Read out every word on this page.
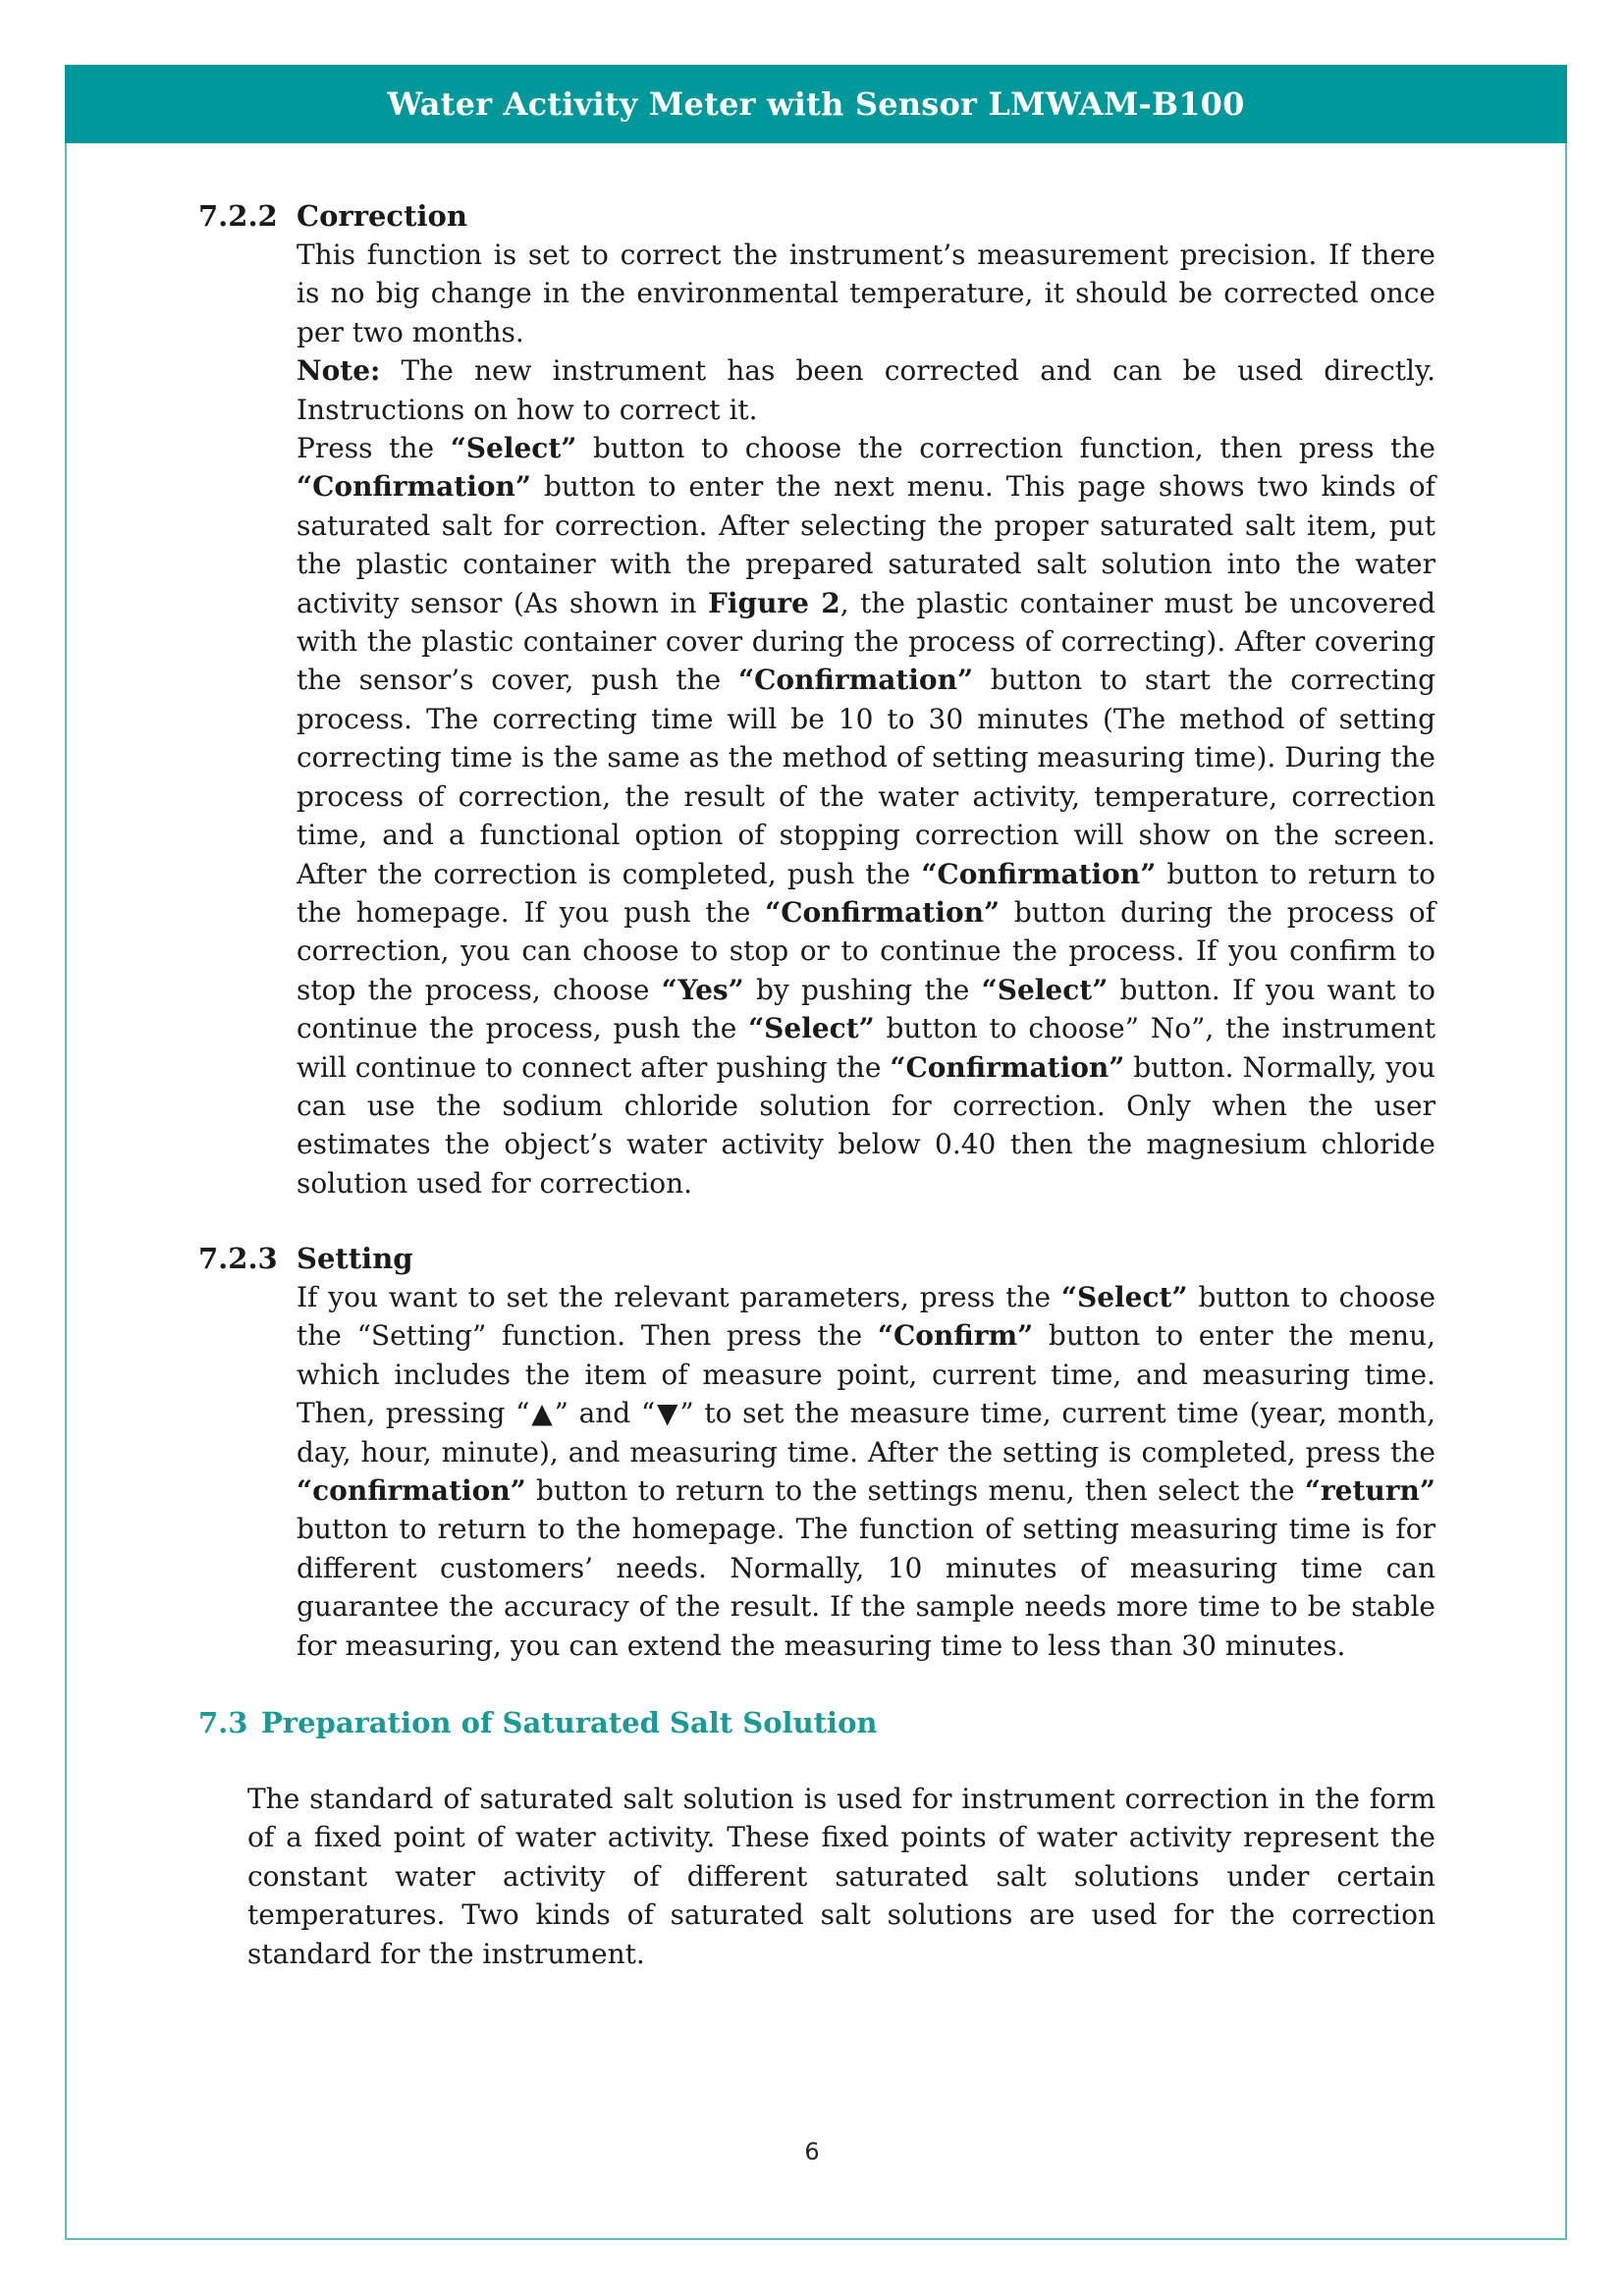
Water Activity Meter with Sensor LMWAM-B100
7.2.2 Correction

This function is set to correct the instrument’s measurement precision. If there is no big change in the environmental temperature, it should be corrected once per two months.

Note: The new instrument has been corrected and can be used directly. Instructions on how to correct it.

Press the “Select” button to choose the correction function, then press the “Confirmation” button to enter the next menu. This page shows two kinds of saturated salt for correction. After selecting the proper saturated salt item, put the plastic container with the prepared saturated salt solution into the water activity sensor (As shown in Figure 2, the plastic container must be uncovered with the plastic container cover during the process of correcting). After covering the sensor’s cover, push the “Confirmation” button to start the correcting process. The correcting time will be 10 to 30 minutes (The method of setting correcting time is the same as the method of setting measuring time). During the process of correction, the result of the water activity, temperature, correction time, and a functional option of stopping correction will show on the screen. After the correction is completed, push the “Confirmation” button to return to the homepage. If you push the “Confirmation” button during the process of correction, you can choose to stop or to continue the process. If you confirm to stop the process, choose “Yes” by pushing the “Select” button. If you want to continue the process, push the “Select” button to choose” No”, the instrument will continue to connect after pushing the “Confirmation” button. Normally, you can use the sodium chloride solution for correction. Only when the user estimates the object’s water activity below 0.40 then the magnesium chloride solution used for correction.

7.2.3 Setting

If you want to set the relevant parameters, press the “Select” button to choose the “Setting” function. Then press the “Confirm” button to enter the menu, which includes the item of measure point, current time, and measuring time. Then, pressing “▲” and “▼” to set the measure time, current time (year, month, day, hour, minute), and measuring time. After the setting is completed, press the “confirmation” button to return to the settings menu, then select the “return” button to return to the homepage. The function of setting measuring time is for different customers’ needs. Normally, 10 minutes of measuring time can guarantee the accuracy of the result. If the sample needs more time to be stable for measuring, you can extend the measuring time to less than 30 minutes.

7.3 Preparation of Saturated Salt Solution

The standard of saturated salt solution is used for instrument correction in the form of a fixed point of water activity. These fixed points of water activity represent the constant water activity of different saturated salt solutions under certain temperatures. Two kinds of saturated salt solutions are used for the correction standard for the instrument.

6
